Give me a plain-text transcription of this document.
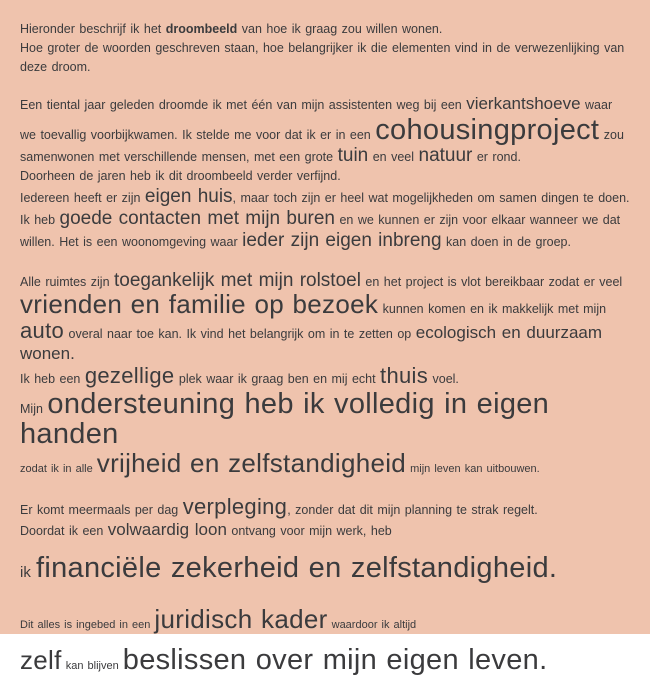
Hieronder beschrijf ik het droombeeld van hoe ik graag zou willen wonen.
Hoe groter de woorden geschreven staan, hoe belangrijker ik die elementen vind in de verwezenlijking van deze droom.

Een tiental jaar geleden droomde ik met één van mijn assistenten weg bij een vierkantshoeve waar we toevallig voorbijkwamen. Ik stelde me voor dat ik er in een cohousingproject zou samenwonen met verschillende mensen, met een grote tuin en veel natuur er rond.
Doorheen de jaren heb ik dit droombeeld verder verfijnd.
Iedereen heeft er zijn eigen huis, maar toch zijn er heel wat mogelijkheden om samen dingen te doen. Ik heb goede contacten met mijn buren en we kunnen er zijn voor elkaar wanneer we dat willen. Het is een woonomgeving waar ieder zijn eigen inbreng kan doen in de groep.

Alle ruimtes zijn toegankelijk met mijn rolstoel en het project is vlot bereikbaar zodat er veel vrienden en familie op bezoek kunnen komen en ik makkelijk met mijn auto overal naar toe kan. Ik vind het belangrijk om in te zetten op ecologisch en duurzaam wonen.
Ik heb een gezellige plek waar ik graag ben en mij echt thuis voel.
Mijn ondersteuning heb ik volledig in eigen handen
zodat ik in alle vrijheid en zelfstandigheid mijn leven kan uitbouwen.

Er komt meermaals per dag verpleging, zonder dat dit mijn planning te strak regelt.
Doordat ik een volwaardig loon ontvang voor mijn werk, heb

ik financiële zekerheid en zelfstandigheid.

Dit alles is ingebed in een juridisch kader waardoor ik altijd
zelf kan blijven beslissen over mijn eigen leven.
